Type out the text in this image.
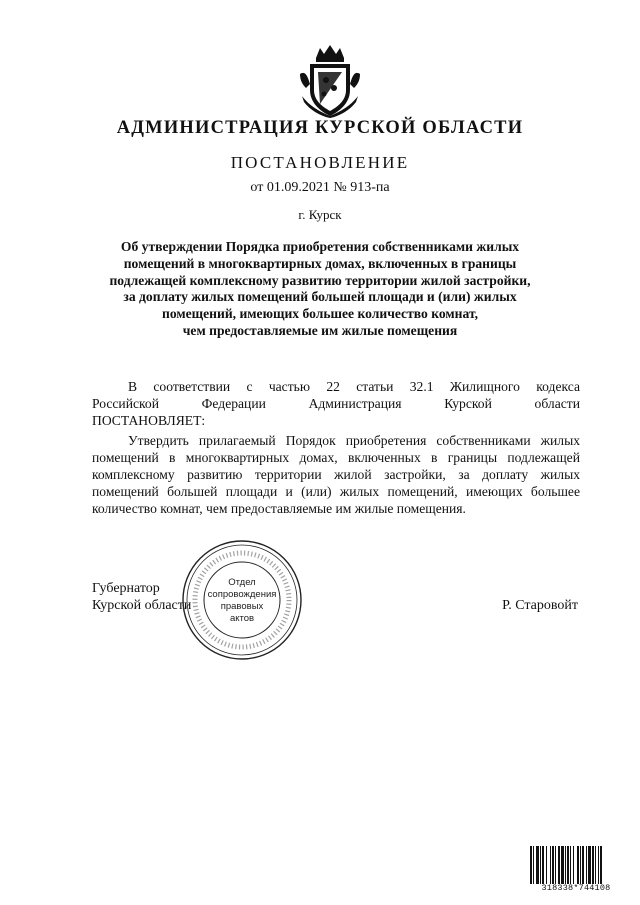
АДМИНИСТРАЦИЯ КУРСКОЙ ОБЛАСТИ
ПОСТАНОВЛЕНИЕ
от 01.09.2021 № 913-па
г. Курск
Об утверждении Порядка приобретения собственниками жилых
помещений в многоквартирных домах, включенных в границы
подлежащей комплексному развитию территории жилой застройки,
за доплату жилых помещений большей площади и (или) жилых
помещений, имеющих большее количество комнат,
чем предоставляемые им жилые помещения
В соответствии с частью 22 статьи 32.1 Жилищного кодекса
Российской Федерации Администрация Курской области
ПОСТАНОВЛЯЕТ:
Утвердить прилагаемый Порядок приобретения собственниками жилых помещений в многоквартирных домах, включенных в границы подлежащей комплексному развитию территории жилой застройки, за доплату жилых помещений большей площади и (или) жилых помещений, имеющих большее количество комнат, чем предоставляемые им жилые помещения.
Губернатор
Курской области	Р. Старовойт
Отдел
сопровождения
правовых
актов
318338*744108
